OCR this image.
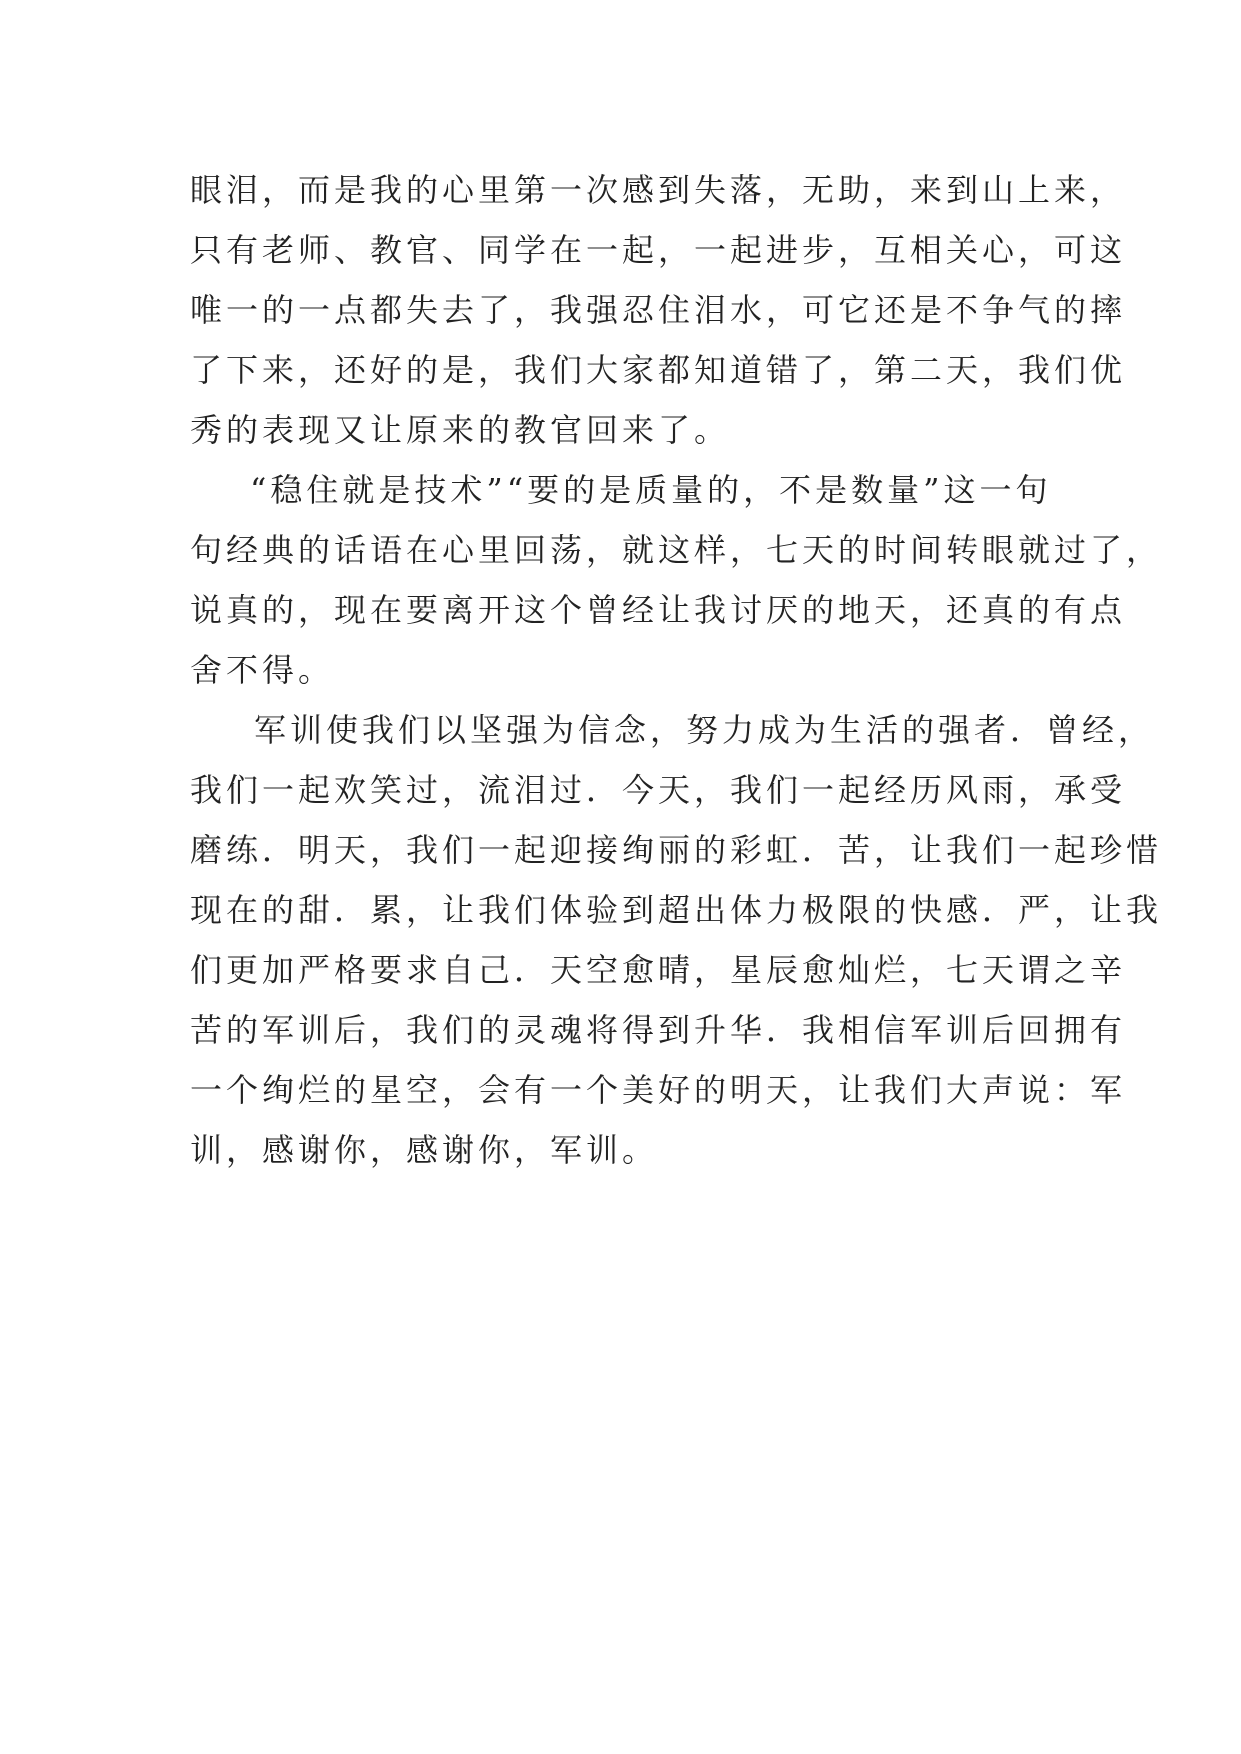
眼泪，而是我的心里第一次感到失落，无助，来到山上来，
只有老师、教官、同学在一起，一起进步，互相关心，可这
唯一的一点都失去了，我强忍住泪水，可它还是不争气的摔
了下来，还好的是，我们大家都知道错了，第二天，我们优
秀的表现又让原来的教官回来了。
“稳住就是技术”“要的是质量的，不是数量”这一句
句经典的话语在心里回荡，就这样，七天的时间转眼就过了，
说真的，现在要离开这个曾经让我讨厌的地天，还真的有点
舍不得。
军训使我们以坚强为信念，努力成为生活的强者．曾经，
我们一起欢笑过，流泪过．今天，我们一起经历风雨，承受
磨练．明天，我们一起迎接绚丽的彩虹．苦，让我们一起珍惜
现在的甜．累，让我们体验到超出体力极限的快感．严，让我
们更加严格要求自己．天空愈晴，星辰愈灿烂，七天谓之辛
苦的军训后，我们的灵魂将得到升华．我相信军训后回拥有
一个绚烂的星空，会有一个美好的明天，让我们大声说：军
训，感谢你，感谢你，军训。
